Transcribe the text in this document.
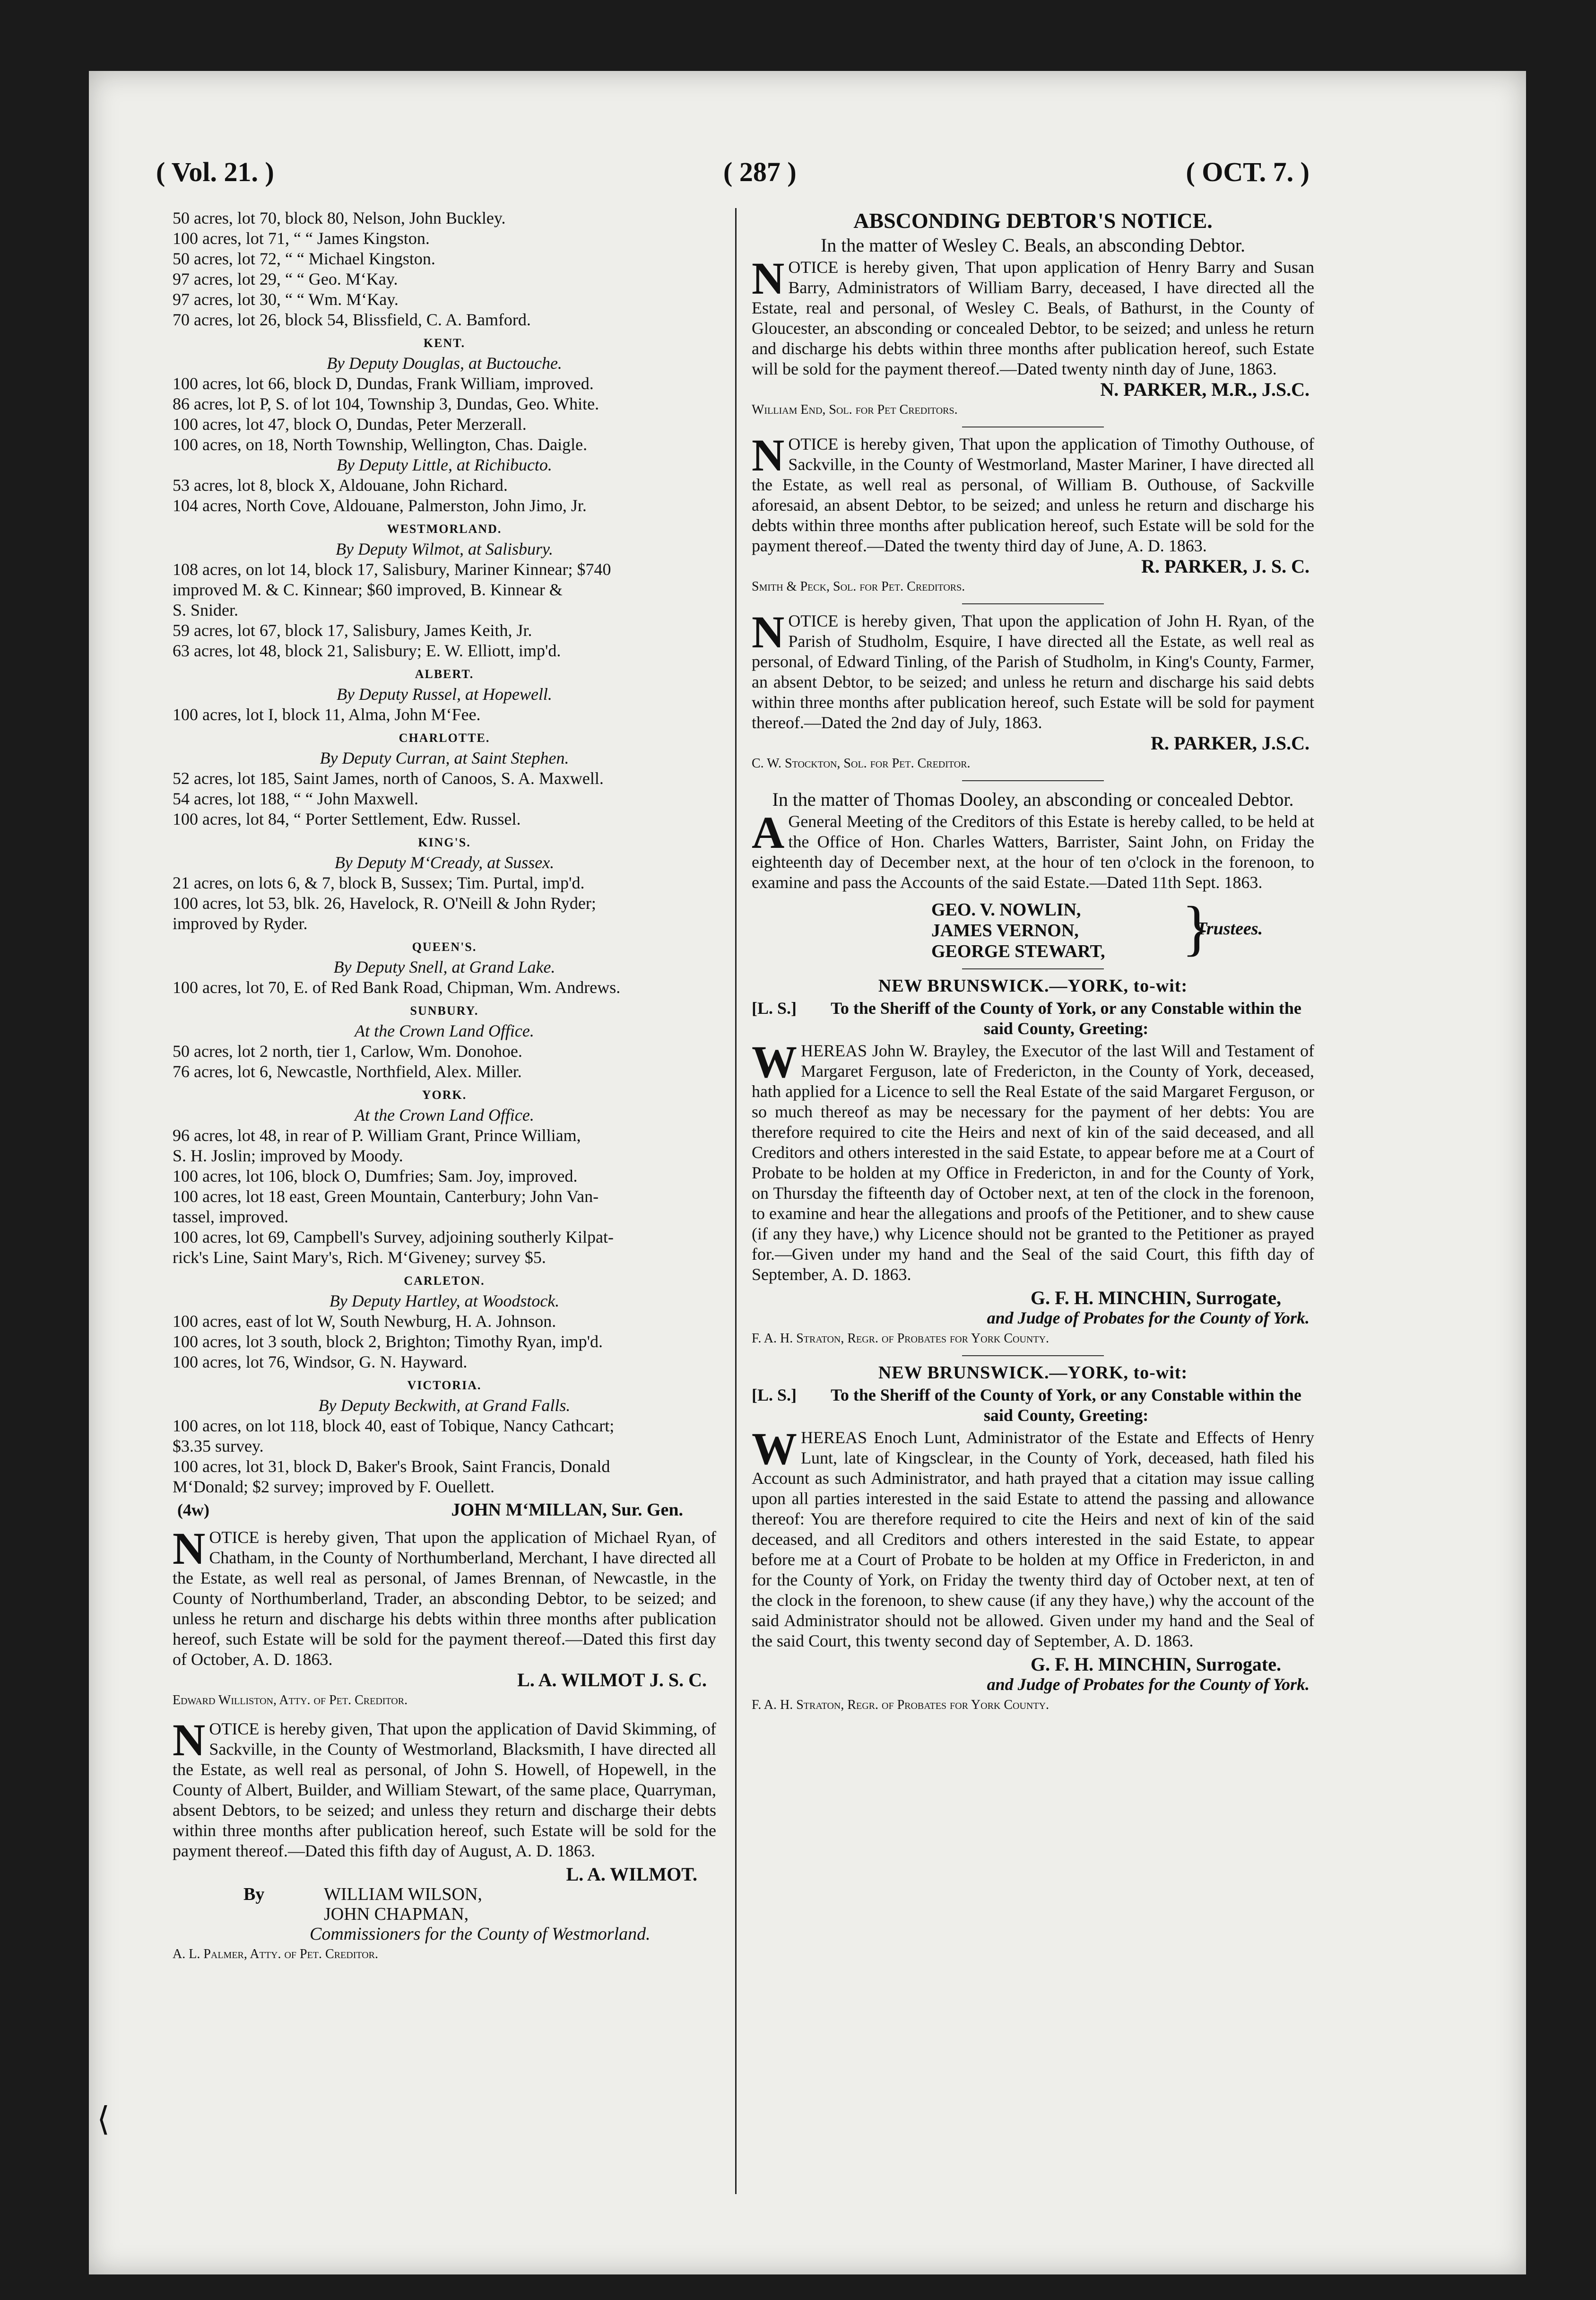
( Vol. 21. )	( 287 )	( OCT. 7. )
50 acres, lot 70, block 80, Nelson, John Buckley.
100 acres, lot 71, “ “ James Kingston.
50 acres, lot 72, “ “ Michael Kingston.
97 acres, lot 29, “ “ Geo. M‘Kay.
97 acres, lot 30, “ “ Wm. M‘Kay.
70 acres, lot 26, block 54, Blissfield, C. A. Bamford.
KENT.
By Deputy Douglas, at Buctouche.
100 acres, lot 66, block D, Dundas, Frank William, improved.
86 acres, lot P, S. of lot 104, Township 3, Dundas, Geo. White.
100 acres, lot 47, block O, Dundas, Peter Merzerall.
100 acres, on 18, North Township, Wellington, Chas. Daigle.
By Deputy Little, at Richibucto.
53 acres, lot 8, block X, Aldouane, John Richard.
104 acres, North Cove, Aldouane, Palmerston, John Jimo, Jr.
WESTMORLAND.
By Deputy Wilmot, at Salisbury.
108 acres, on lot 14, block 17, Salisbury, Mariner Kinnear; $740
improved M. & C. Kinnear; $60 improved, B. Kinnear &
S. Snider.
59 acres, lot 67, block 17, Salisbury, James Keith, Jr.
63 acres, lot 48, block 21, Salisbury; E. W. Elliott, imp'd.
ALBERT.
By Deputy Russel, at Hopewell.
100 acres, lot I, block 11, Alma, John M‘Fee.
CHARLOTTE.
By Deputy Curran, at Saint Stephen.
52 acres, lot 185, Saint James, north of Canoos, S. A. Maxwell.
54 acres, lot 188, “ “ John Maxwell.
100 acres, lot 84, “ Porter Settlement, Edw. Russel.
KING'S.
By Deputy M‘Cready, at Sussex.
21 acres, on lots 6, & 7, block B, Sussex; Tim. Purtal, imp'd.
100 acres, lot 53, blk. 26, Havelock, R. O'Neill & John Ryder;
improved by Ryder.
QUEEN'S.
By Deputy Snell, at Grand Lake.
100 acres, lot 70, E. of Red Bank Road, Chipman, Wm. Andrews.
SUNBURY.
At the Crown Land Office.
50 acres, lot 2 north, tier 1, Carlow, Wm. Donohoe.
76 acres, lot 6, Newcastle, Northfield, Alex. Miller.
YORK.
At the Crown Land Office.
96 acres, lot 48, in rear of P. William Grant, Prince William,
S. H. Joslin; improved by Moody.
100 acres, lot 106, block O, Dumfries; Sam. Joy, improved.
100 acres, lot 18 east, Green Mountain, Canterbury; John Van-
tassel, improved.
100 acres, lot 69, Campbell's Survey, adjoining southerly Kilpat-
rick's Line, Saint Mary's, Rich. M‘Giveney; survey $5.
CARLETON.
By Deputy Hartley, at Woodstock.
100 acres, east of lot W, South Newburg, H. A. Johnson.
100 acres, lot 3 south, block 2, Brighton; Timothy Ryan, imp'd.
100 acres, lot 76, Windsor, G. N. Hayward.
VICTORIA.
By Deputy Beckwith, at Grand Falls.
100 acres, on lot 118, block 40, east of Tobique, Nancy Cathcart;
$3.35 survey.
100 acres, lot 31, block D, Baker's Brook, Saint Francis, Donald
M‘Donald; $2 survey; improved by F. Ouellett.
(4w)	JOHN M‘MILLAN, Sur. Gen.

NOTICE is hereby given, That upon the application of Michael Ryan, of Chatham, in the County of Northumberland, Merchant, I have directed all the Estate, as well real as personal, of James Brennan, of Newcastle, in the County of Northumberland, Trader, an absconding Debtor, to be seized; and unless he return and discharge his debts within three months after publication hereof, such Estate will be sold for the payment thereof.—Dated this first day of October, A. D. 1863.

L. A. WILMOT J. S. C.
Edward Williston, Atty. of Pet. Creditor.

NOTICE is hereby given, That upon the application of David Skimming, of Sackville, in the County of Westmorland, Blacksmith, I have directed all the Estate, as well real as personal, of John S. Howell, of Hopewell, in the County of Albert, Builder, and William Stewart, of the same place, Quarryman, absent Debtors, to be seized; and unless they return and discharge their debts within three months after publication hereof, such Estate will be sold for the payment thereof.—Dated this fifth day of August, A. D. 1863.

L. A. WILMOT.
By	WILLIAM WILSON,
JOHN CHAPMAN,
Commissioners for the County of Westmorland.
A. L. Palmer, Atty. of Pet. Creditor.
ABSCONDING DEBTOR'S NOTICE.
In the matter of Wesley C. Beals, an absconding Debtor.

NOTICE is hereby given, That upon application of Henry Barry and Susan Barry, Administrators of William Barry, deceased, I have directed all the Estate, real and personal, of Wesley C. Beals, of Bathurst, in the County of Gloucester, an absconding or concealed Debtor, to be seized; and unless he return and discharge his debts within three months after publication hereof, such Estate will be sold for the payment thereof.—Dated twenty ninth day of June, 1863.

N. PARKER, M.R., J.S.C.
William End, Sol. for Pet Creditors.

NOTICE is hereby given, That upon the application of Timothy Outhouse, of Sackville, in the County of Westmorland, Master Mariner, I have directed all the Estate, as well real as personal, of William B. Outhouse, of Sackville aforesaid, an absent Debtor, to be seized; and unless he return and discharge his debts within three months after publication hereof, such Estate will be sold for the payment thereof.—Dated the twenty third day of June, A. D. 1863.

R. PARKER, J. S. C.
Smith & Peck, Sol. for Pet. Creditors.

NOTICE is hereby given, That upon the application of John H. Ryan, of the Parish of Studholm, Esquire, I have directed all the Estate, as well real as personal, of Edward Tinling, of the Parish of Studholm, in King's County, Farmer, an absent Debtor, to be seized; and unless he return and discharge his said debts within three months after publication hereof, such Estate will be sold for payment thereof.—Dated the 2nd day of July, 1863.

R. PARKER, J.S.C.
C. W. Stockton, Sol. for Pet. Creditor.
In the matter of Thomas Dooley, an absconding or concealed Debtor.

A General Meeting of the Creditors of this Estate is hereby called, to be held at the Office of Hon. Charles Watters, Barrister, Saint John, on Friday the eighteenth day of December next, at the hour of ten o'clock in the forenoon, to examine and pass the Accounts of the said Estate.—Dated 11th Sept. 1863.

GEO. V. NOWLIN,
JAMES VERNON,
GEORGE STEWART,	}
Trustees.
NEW BRUNSWICK.—YORK, to-wit:
[L. S.]	To the Sheriff of the County of York, or any Constable within the said County, Greeting:

WHEREAS John W. Brayley, the Executor of the last Will and Testament of Margaret Ferguson, late of Fredericton, in the County of York, deceased, hath applied for a Licence to sell the Real Estate of the said Margaret Ferguson, or so much thereof as may be necessary for the payment of her debts: You are therefore required to cite the Heirs and next of kin of the said deceased, and all Creditors and others interested in the said Estate, to appear before me at a Court of Probate to be holden at my Office in Fredericton, in and for the County of York, on Thursday the fifteenth day of October next, at ten of the clock in the forenoon, to examine and hear the allegations and proofs of the Petitioner, and to shew cause (if any they have,) why Licence should not be granted to the Petitioner as prayed for.—Given under my hand and the Seal of the said Court, this fifth day of September, A. D. 1863.

G. F. H. MINCHIN, Surrogate,
and Judge of Probates for the County of York.
F. A. H. Straton, Regr. of Probates for York County.
NEW BRUNSWICK.—YORK, to-wit:
[L. S.]	To the Sheriff of the County of York, or any Constable within the said County, Greeting:

WHEREAS Enoch Lunt, Administrator of the Estate and Effects of Henry Lunt, late of Kingsclear, in the County of York, deceased, hath filed his Account as such Administrator, and hath prayed that a citation may issue calling upon all parties interested in the said Estate to attend the passing and allowance thereof: You are therefore required to cite the Heirs and next of kin of the said deceased, and all Creditors and others interested in the said Estate, to appear before me at a Court of Probate to be holden at my Office in Fredericton, in and for the County of York, on Friday the twenty third day of October next, at ten of the clock in the forenoon, to shew cause (if any they have,) why the account of the said Administrator should not be allowed. Given under my hand and the Seal of the said Court, this twenty second day of September, A. D. 1863.

G. F. H. MINCHIN, Surrogate.
and Judge of Probates for the County of York.
F. A. H. Straton, Regr. of Probates for York County.
⟨
